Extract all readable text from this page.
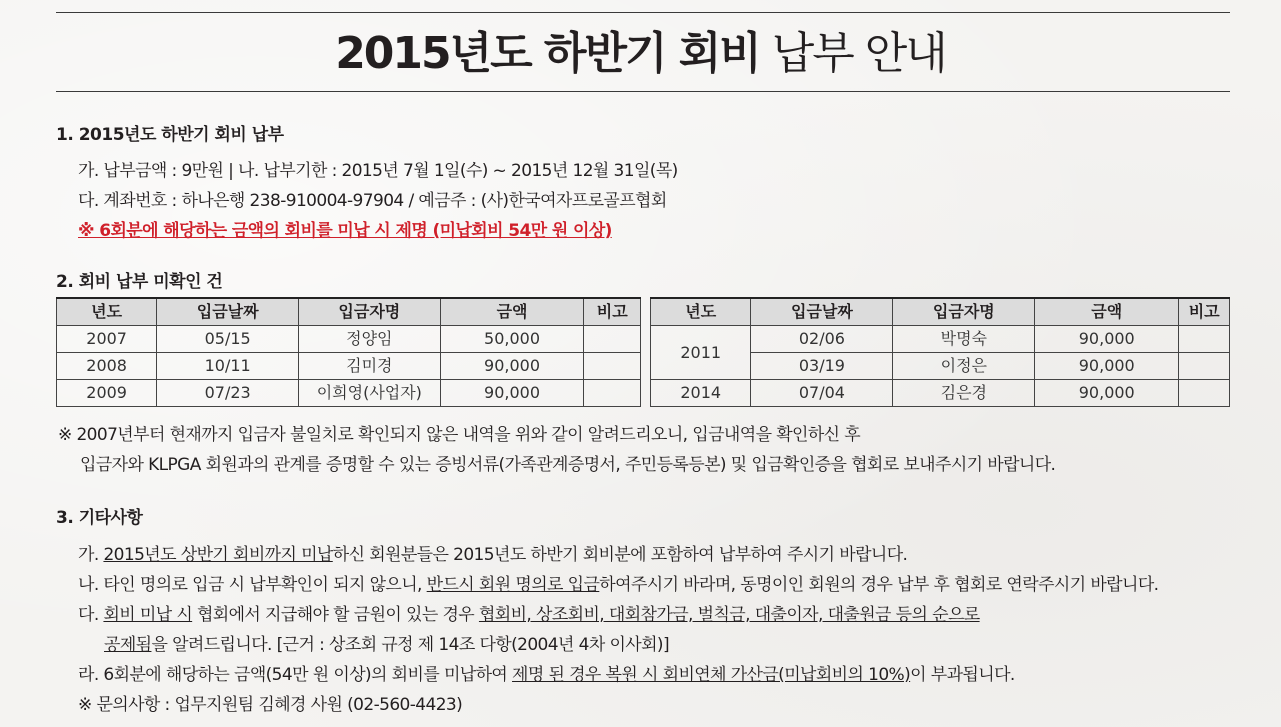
2015년도 하반기 회비 납부 안내
1. 2015년도 하반기 회비 납부
가. 납부금액 : 9만원 | 나. 납부기한 : 2015년 7월 1일(수) ~ 2015년 12월 31일(목)
다. 계좌번호 : 하나은행 238-910004-97904 / 예금주 : (사)한국여자프로골프협회
※ 6회분에 해당하는 금액의 회비를 미납 시 제명 (미납회비 54만 원 이상)
2. 회비 납부 미확인 건
년도	입금날짜	입금자명	금액	비고
2007	05/15	정양임	50,000	
2008	10/11	김미경	90,000	
2009	07/23	이희영(사업자)	90,000	
년도	입금날짜	입금자명	금액	비고
2011	02/06	박명숙	90,000	
	03/19	이정은	90,000	
2014	07/04	김은경	90,000	
※ 2007년부터 현재까지 입금자 불일치로 확인되지 않은 내역을 위와 같이 알려드리오니, 입금내역을 확인하신 후
입금자와 KLPGA 회원과의 관계를 증명할 수 있는 증빙서류(가족관계증명서, 주민등록등본) 및 입금확인증을 협회로 보내주시기 바랍니다.
3. 기타사항
가. 2015년도 상반기 회비까지 미납하신 회원분들은 2015년도 하반기 회비분에 포함하여 납부하여 주시기 바랍니다.
나. 타인 명의로 입금 시 납부확인이 되지 않으니, 반드시 회원 명의로 입금하여주시기 바라며, 동명이인 회원의 경우 납부 후 협회로 연락주시기 바랍니다.
다. 회비 미납 시 협회에서 지급해야 할 금원이 있는 경우 협회비, 상조회비, 대회참가금, 벌칙금, 대출이자, 대출원금 등의 순으로
공제됨을 알려드립니다. [근거 : 상조회 규정 제 14조 다항(2004년 4차 이사회)]
라. 6회분에 해당하는 금액(54만 원 이상)의 회비를 미납하여 제명 된 경우 복원 시 회비연체 가산금(미납회비의 10%)이 부과됩니다.
※ 문의사항 : 업무지원팀 김혜경 사원 (02-560-4423)
